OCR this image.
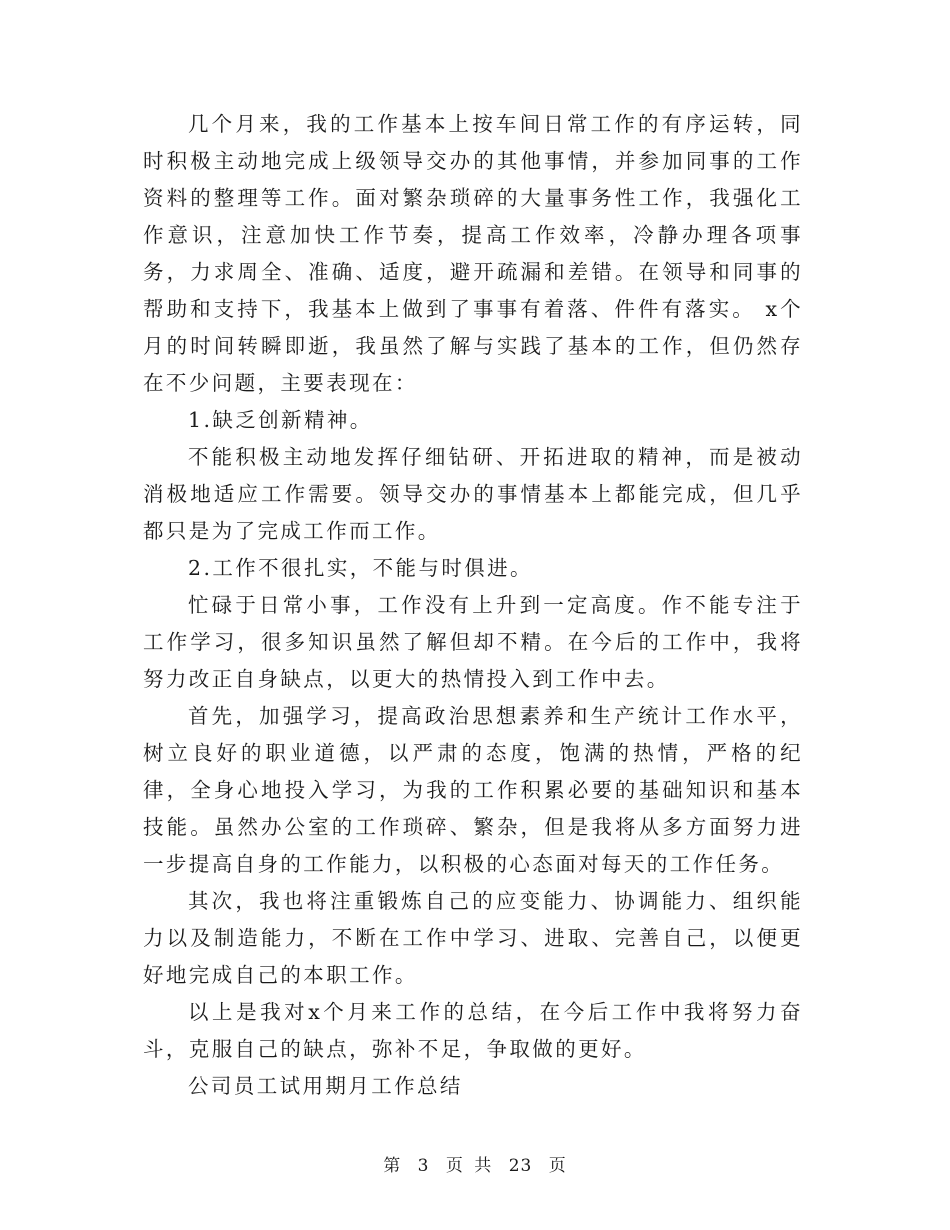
几个月来，我的工作基本上按车间日常工作的有序运转，同时积极主动地完成上级领导交办的其他事情，并参加同事的工作资料的整理等工作。面对繁杂琐碎的大量事务性工作，我强化工作意识，注意加快工作节奏，提高工作效率，冷静办理各项事务，力求周全、准确、适度，避开疏漏和差错。在领导和同事的帮助和支持下，我基本上做到了事事有着落、件件有落实。 x个月的时间转瞬即逝，我虽然了解与实践了基本的工作，但仍然存在不少问题，主要表现在：

1.缺乏创新精神。

不能积极主动地发挥仔细钻研、开拓进取的精神，而是被动消极地适应工作需要。领导交办的事情基本上都能完成，但几乎都只是为了完成工作而工作。

2.工作不很扎实，不能与时俱进。

忙碌于日常小事，工作没有上升到一定高度。作不能专注于工作学习，很多知识虽然了解但却不精。在今后的工作中，我将努力改正自身缺点，以更大的热情投入到工作中去。

首先，加强学习，提高政治思想素养和生产统计工作水平，树立良好的职业道德，以严肃的态度，饱满的热情，严格的纪律，全身心地投入学习，为我的工作积累必要的基础知识和基本技能。虽然办公室的工作琐碎、繁杂，但是我将从多方面努力进一步提高自身的工作能力，以积极的心态面对每天的工作任务。

其次，我也将注重锻炼自己的应变能力、协调能力、组织能力以及制造能力，不断在工作中学习、进取、完善自己，以便更好地完成自己的本职工作。

以上是我对x个月来工作的总结，在今后工作中我将努力奋斗，克服自己的缺点，弥补不足，争取做的更好。

公司员工试用期月工作总结

第 3 页 共 23 页
